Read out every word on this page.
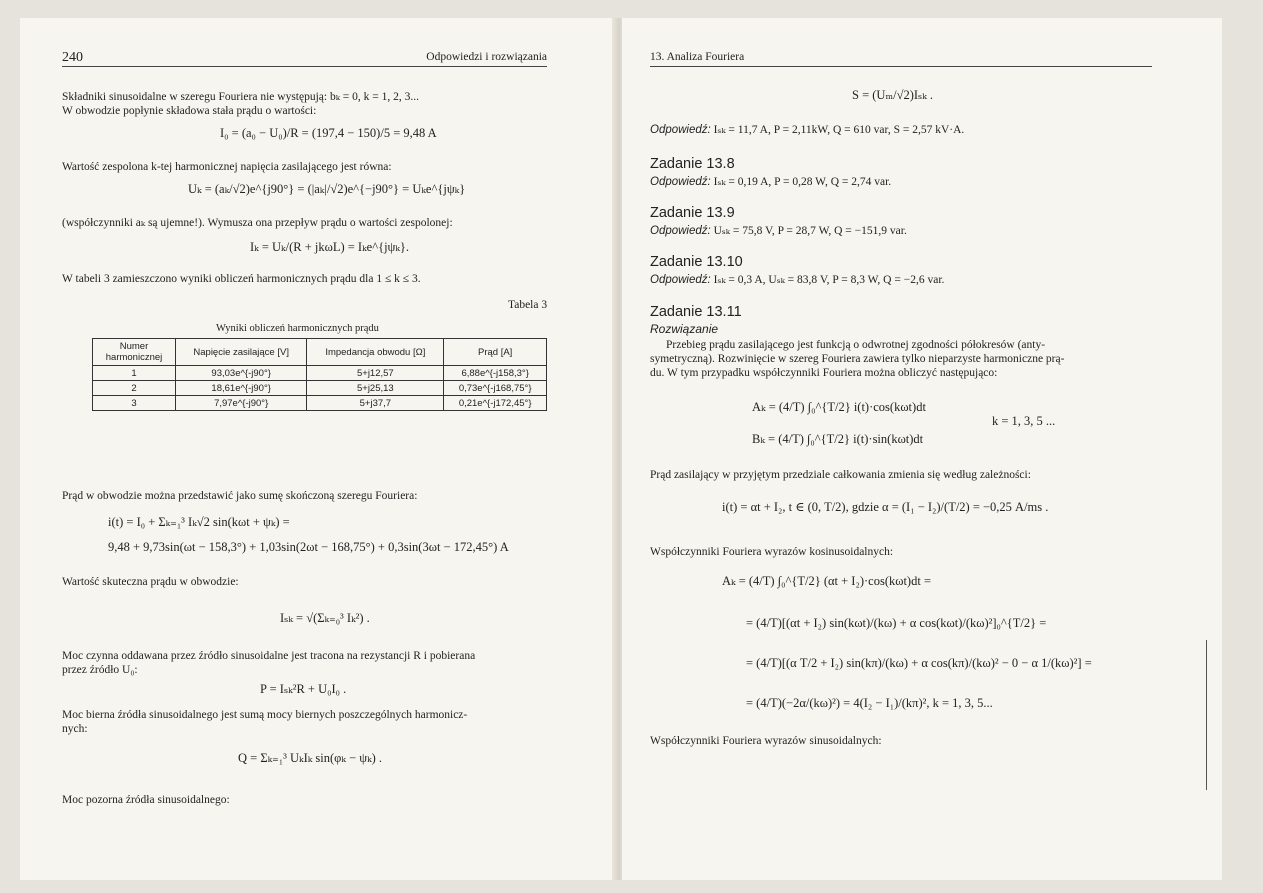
240	Odpowiedzi i rozwiązania
Składniki sinusoidalne w szeregu Fouriera nie występują: bₖ = 0, k = 1, 2, 3...
W obwodzie popłynie składowa stała prądu o wartości:
I₀ = (a₀ − U₀)/R = (197,4 − 150)/5 = 9,48 A
Wartość zespolona k-tej harmonicznej napięcia zasilającego jest równa:
Uₖ = (aₖ/√2)e^{j90°} = (|aₖ|/√2)e^{−j90°} = Uₖe^{jψₖ}
(współczynniki aₖ są ujemne!). Wymusza ona przepływ prądu o wartości zespolonej:
Iₖ = Uₖ/(R + jkωL) = Iₖe^{jψₖ}.
W tabeli 3 zamieszczono wyniki obliczeń harmonicznych prądu dla 1 ≤ k ≤ 3.
Tabela 3
Wyniki obliczeń harmonicznych prądu
Numer harmonicznej	Napięcie zasilające [V]	Impedancja obwodu [Ω]	Prąd [A]
1	93,03e^{-j90°}	5+j12,57	6,88e^{-j158,3°}
2	18,61e^{-j90°}	5+j25,13	0,73e^{-j168,75°}
3	7,97e^{-j90°}	5+j37,7	0,21e^{-j172,45°}
Prąd w obwodzie można przedstawić jako sumę skończoną szeregu Fouriera:
i(t) = I₀ + Σₖ₌₁³ Iₖ√2 sin(kωt + ψₖ) =
9,48 + 9,73sin(ωt − 158,3°) + 1,03sin(2ωt − 168,75°) + 0,3sin(3ωt − 172,45°) A
Wartość skuteczna prądu w obwodzie:
Iₛₖ = √(Σₖ₌₀³ Iₖ²) .
Moc czynna oddawana przez źródło sinusoidalne jest tracona na rezystancji R i pobierana
przez źródło U₀:
P = Iₛₖ²R + U₀I₀ .
Moc bierna źródła sinusoidalnego jest sumą mocy biernych poszczególnych harmonicz-
nych:
Q = Σₖ₌₁³ UₖIₖ sin(φₖ − ψₖ) .
Moc pozorna źródła sinusoidalnego:
13. Analiza Fouriera
S = (Uₘ/√2)Iₛₖ .
Odpowiedź: Iₛₖ = 11,7 A, P = 2,11kW, Q = 610 var, S = 2,57 kV·A.
Zadanie 13.8
Odpowiedź: Iₛₖ = 0,19 A, P = 0,28 W, Q = 2,74 var.
Zadanie 13.9
Odpowiedź: Uₛₖ = 75,8 V, P = 28,7 W, Q = −151,9 var.
Zadanie 13.10
Odpowiedź: Iₛₖ = 0,3 A, Uₛₖ = 83,8 V, P = 8,3 W, Q = −2,6 var.
Zadanie 13.11
Rozwiązanie
Przebieg prądu zasilającego jest funkcją o odwrotnej zgodności półokresów (anty-
symetryczną). Rozwinięcie w szereg Fouriera zawiera tylko nieparzyste harmoniczne prą-
du. W tym przypadku współczynniki Fouriera można obliczyć następująco:
Aₖ = (4/T) ∫₀^{T/2} i(t)·cos(kωt)dt
k = 1, 3, 5 ...
Bₖ = (4/T) ∫₀^{T/2} i(t)·sin(kωt)dt
Prąd zasilający w przyjętym przedziale całkowania zmienia się według zależności:
i(t) = αt + I₂, t ∈ (0, T/2), gdzie α = (I₁ − I₂)/(T/2) = −0,25 A/ms .
Współczynniki Fouriera wyrazów kosinusoidalnych:
Aₖ = (4/T) ∫₀^{T/2} (αt + I₂)·cos(kωt)dt =
= (4/T)[(αt + I₂) sin(kωt)/(kω) + α cos(kωt)/(kω)²]₀^{T/2} =
= (4/T)[(α T/2 + I₂) sin(kπ)/(kω) + α cos(kπ)/(kω)² − 0 − α 1/(kω)²] =
= (4/T)(−2α/(kω)²) = 4(I₂ − I₁)/(kπ)², k = 1, 3, 5...
Współczynniki Fouriera wyrazów sinusoidalnych:
